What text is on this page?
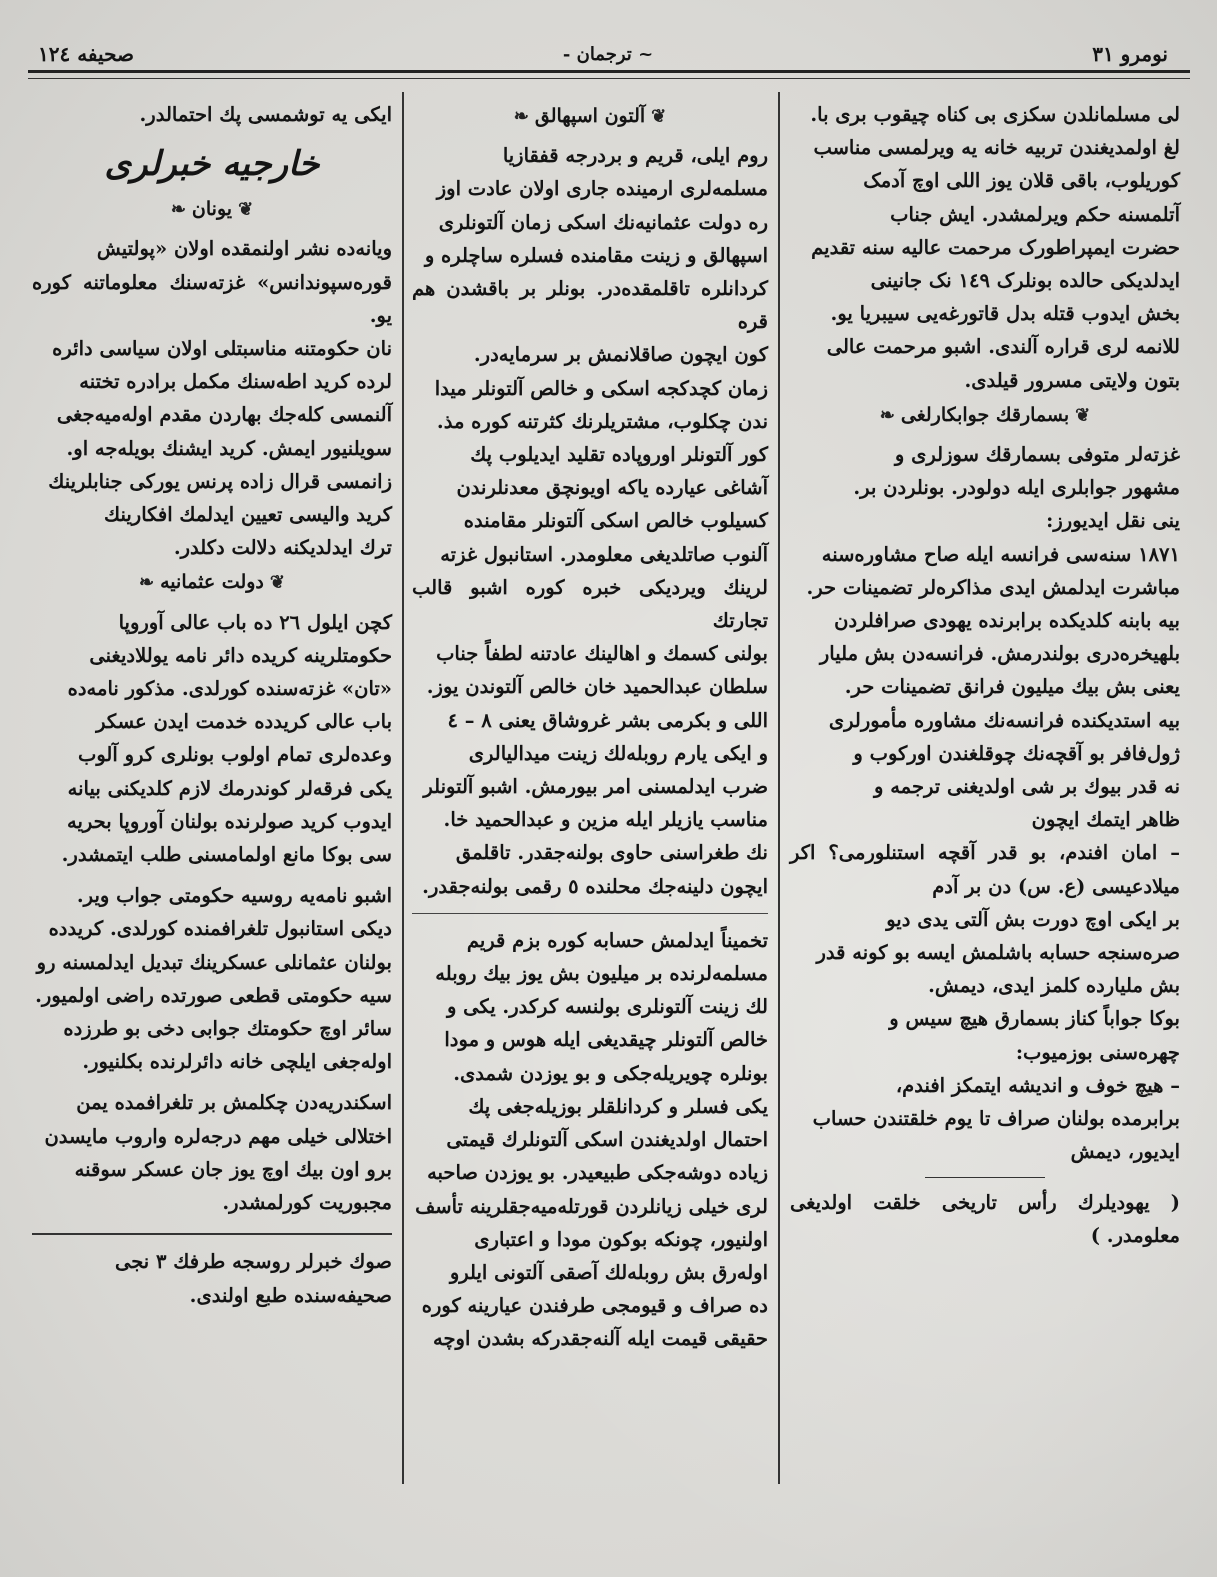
صحيفه ١٢٤	~ ترجمان -	نومرو ٣١

لی مسلمانلدن سکزی بی کناه چیقوب بری با.

لغ اولمدیغندن تربیه خانه یه ویرلمسی مناسب

کوریلوب، باقی قلان یوز اللی اوچ آدمک

آتلمسنه حکم ویرلمشدر. ایش جناب

حضرت ایمپراطورک مرحمت عالیه سنه تقدیم

ایدلدیکی حالده بونلرک ١٤٩ نک جانینی

بخش ایدوب قتله بدل قاتورغه‌یی سیبریا یو.

للانمه لری قراره آلندی. اشبو مرحمت عالی

بتون ولایتی مسرور قیلدی.

❦بسمارقك جوابکارلغی❧

غزته‌لر متوفی بسمارقك سوزلری و

مشهور جوابلری ایله دولودر. بونلردن بر.

ینی نقل ایدیورز:

١٨٧١ سنه‌سی فرانسه ایله صاح مشاوره‌سنه

مباشرت ایدلمش ایدی مذاکره‌لر تضمینات حر.

بیه بابنه کلدیکده برابرنده یهودی صرافلردن

بلهیخره‌دری بولندرمش. فرانسه‌دن بش ملیار

یعنی بش بیك میلیون فرانق تضمینات حر.

بیه استدیکنده فرانسه‌نك مشاوره مأمورلری

ژول‌فافر بو آقچه‌نك چوقلغندن اورکوب و

نه قدر بیوك بر شی اولدیغنی ترجمه و

ظاهر ایتمك ایچون

– امان افندم، بو قدر آقچه استنلورمی؟ اکر میلادعیسی (ع. س) دن بر آدم

بر ایکی اوچ دورت بش آلتی یدی دیو

صره‌سنجه حسابه باشلمش ایسه بو کونه قدر

بش ملیارده کلمز ایدی، دیمش.

بوکا جواباً کناز بسمارق هیچ سیس و

چهره‌سنی بوزمیوب:

– هیچ خوف و اندیشه ایتمکز افندم،

برابرمده بولنان صراف تا یوم خلقتندن حساب

ایدیور، دیمش

( یهودیلرك رأس تاریخی خلقت اولدیغی معلومدر. )

❦آلتون اسپهالق❧

روم ایلی، قریم و بردرجه قفقازیا

مسلمه‌لری ارمینده جاری اولان عادت اوز

ره دولت عثمانیه‌نك اسکی زمان آلتونلری

اسپهالق و زینت مقامنده فسلره ساچلره و

کردانلره تاقلمقده‌در. بونلر بر باقشدن هم قره

کون ایچون صاقلانمش بر سرمایه‌در.

زمان کچدکجه اسکی و خالص آلتونلر میدا

ندن چکلوب، مشتریلرنك کثرتنه کوره مذ.

کور آلتونلر اوروپاده تقلید ایدیلوب پك

آشاغی عیارده یاکه اویونچق معدنلرندن

کسیلوب خالص اسکی آلتونلر مقامنده

آلنوب صاتلدیغی معلومدر. استانبول غزته

لرینك ویردیکی خبره کوره اشبو قالب تجارتك

بولنی کسمك و اهالینك عادتنه لطفاً جناب

سلطان عبدالحمید خان خالص آلتوندن یوز.

اللی و بکرمی بشر غروشاق یعنی ٨ – ٤

و ایکی یارم روبله‌لك زینت میدالیالری

ضرب ایدلمسنی امر بیورمش. اشبو آلتونلر

مناسب یازیلر ایله مزین و عبدالحمید خا.

نك طغراسنی حاوی بولنه‌جقدر. تاقلمق

ایچون دلینه‌جك محلنده ٥ رقمی بولنه‌جقدر.

تخمیناً ایدلمش حسابه کوره بزم قریم

مسلمه‌لرنده بر میلیون بش یوز بیك روبله

لك زینت آلتونلری بولنسه کرکدر. یکی و

خالص آلتونلر چیقدیغی ایله هوس و مودا

بونلره چویریله‌جکی و بو یوزدن شمدی.

یکی فسلر و کردانلقلر بوزیله‌جغی پك

احتمال اولدیغندن اسکی آلتونلرك قیمتی

زیاده دوشه‌جکی طبیعیدر. بو یوزدن صاحبه

لری خیلی زیانلردن قورتله‌میه‌جقلرینه تأسف

اولنیور، چونکه بوکون مودا و اعتباری

اوله‌رق بش روبله‌لك آصقی آلتونی ایلرو

ده صراف و قیومجی طرفندن عیارینه کوره

حقیقی قیمت ایله آلنه‌جقدرکه بشدن اوچه

ایکی یه توشمسی پك احتمالدر.

خارجیه خبرلری
❦یونان❧

ویانه‌ده نشر اولنمقده اولان «پولتیش

قوره‌سپوندانس» غزته‌سنك معلوماتنه کوره یو.

نان حکومتنه مناسبتلی اولان سیاسی دائره

لرده کرید اطه‌سنك مکمل برادره تختنه

آلنمسی کله‌جك بهاردن مقدم اوله‌میه‌جغی

سویلنیور ایمش. کرید ایشنك بویله‌جه او.

زانمسی قرال زاده پرنس یورکی جنابلرینك

کرید والیسی تعیین ایدلمك افکارینك

ترك ایدلدیکنه دلالت دکلدر.

❦دولت عثمانیه❧

کچن ایلول ٢٦ ده باب عالی آوروپا

حکومتلرینه کریده دائر نامه یوللادیغنی

«تان» غزته‌سنده کورلدی. مذکور نامه‌ده

باب عالی کریدده خدمت ایدن عسکر

وعده‌لری تمام اولوب بونلری کرو آلوب

یکی فرقه‌لر کوندرمك لازم کلدیکنی بیانه

ایدوب کرید صولرنده بولنان آوروپا بحریه

سی بوکا مانع اولمامسنی طلب ایتمشدر.

اشبو نامه‌یه روسیه حکومتی جواب ویر.

دیکی استانبول تلغرافمنده کورلدی. کریدده

بولنان عثمانلی عسکرینك تبدیل ایدلمسنه رو

سیه حکومتی قطعی صورتده راضی اولمیور.

سائر اوچ حکومتك جوابی دخی بو طرزده

اوله‌جغی ایلچی خانه دائرلرنده بکلنیور.

اسکندریه‌دن چکلمش بر تلغرافمده یمن

اختلالی خیلی مهم درجه‌لره واروب مایسدن

برو اون بیك اوچ یوز جان عسکر سوقنه

مجبوریت کورلمشدر.

صوك خبرلر روسجه طرفك ٣ نجی

صحیفه‌سنده طبع اولندی.
